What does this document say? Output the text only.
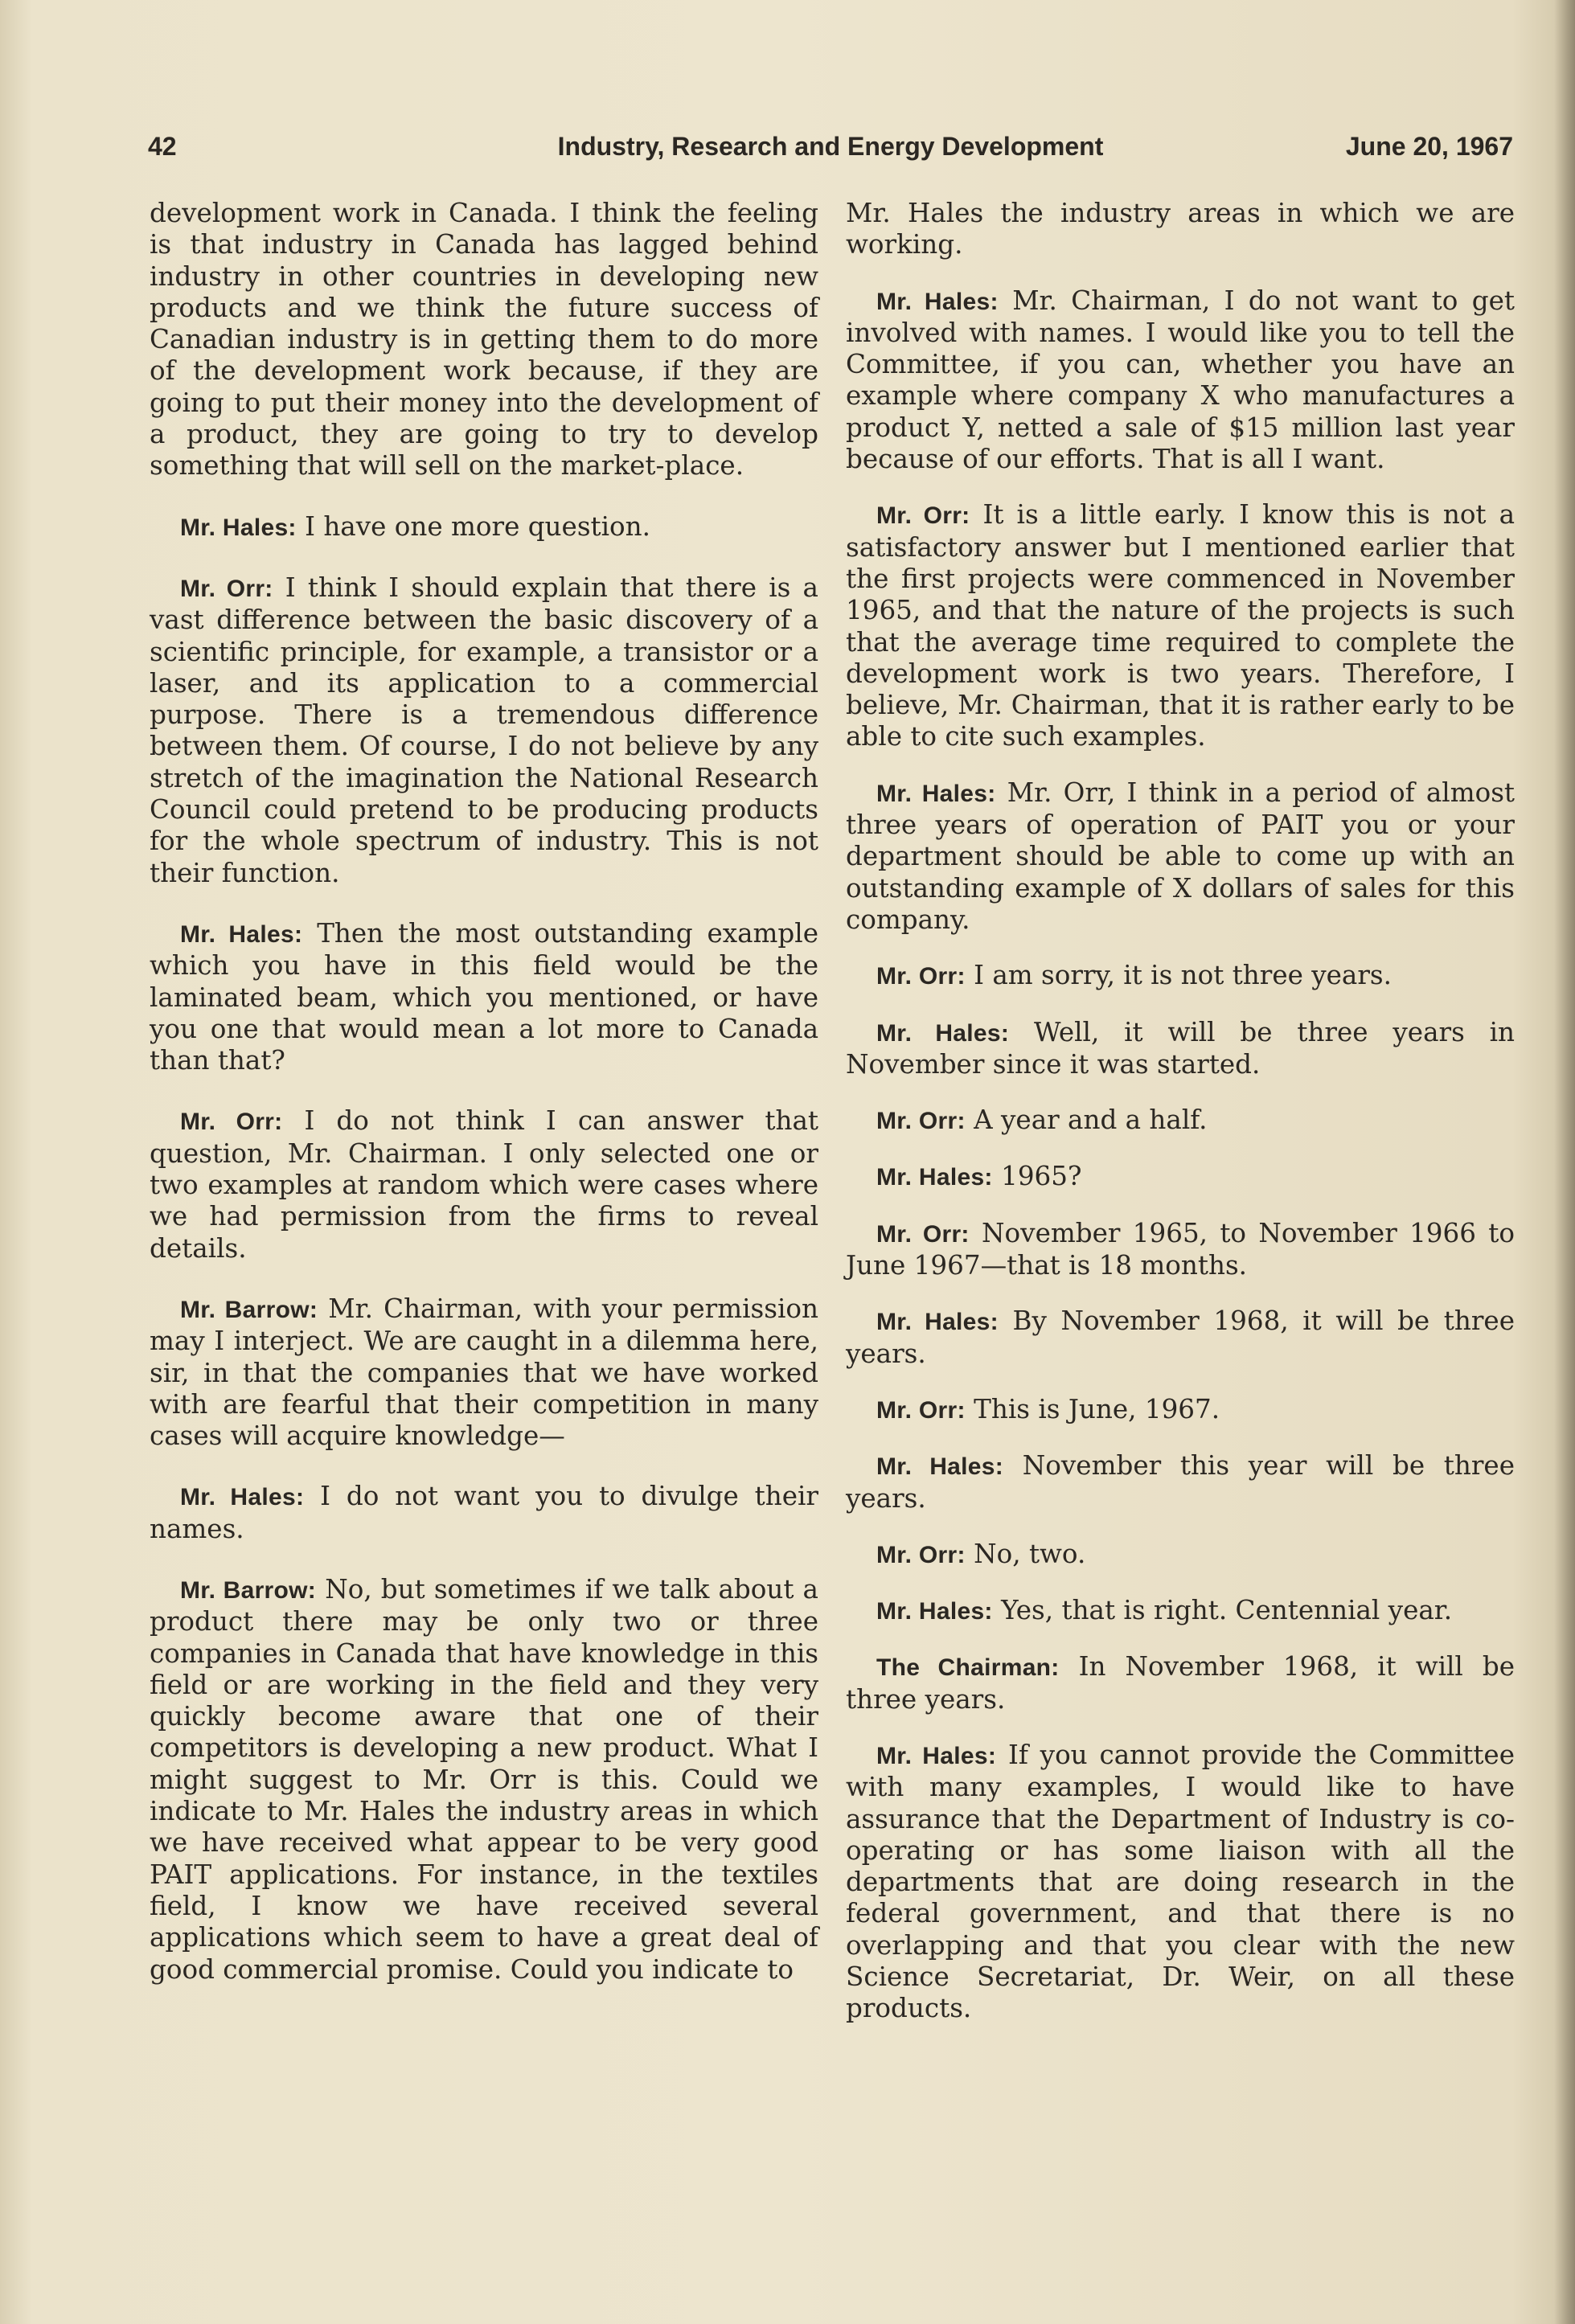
42	Industry, Research and Energy Development	June 20, 1967

development work in Canada. I think the feeling is that industry in Canada has lagged behind industry in other countries in developing new products and we think the future success of Canadian industry is in getting them to do more of the development work because, if they are going to put their money into the development of a product, they are going to try to develop something that will sell on the market-place.

Mr. Hales: I have one more question.

Mr. Orr: I think I should explain that there is a vast difference between the basic discovery of a scientific principle, for example, a transistor or a laser, and its application to a commercial purpose. There is a tremendous difference between them. Of course, I do not believe by any stretch of the imagination the National Research Council could pretend to be producing products for the whole spectrum of industry. This is not their function.

Mr. Hales: Then the most outstanding example which you have in this field would be the laminated beam, which you mentioned, or have you one that would mean a lot more to Canada than that?

Mr. Orr: I do not think I can answer that question, Mr. Chairman. I only selected one or two examples at random which were cases where we had permission from the firms to reveal details.

Mr. Barrow: Mr. Chairman, with your permission may I interject. We are caught in a dilemma here, sir, in that the companies that we have worked with are fearful that their competition in many cases will acquire knowledge—

Mr. Hales: I do not want you to divulge their names.

Mr. Barrow: No, but sometimes if we talk about a product there may be only two or three companies in Canada that have knowledge in this field or are working in the field and they very quickly become aware that one of their competitors is developing a new product. What I might suggest to Mr. Orr is this. Could we indicate to Mr. Hales the industry areas in which we have received what appear to be very good PAIT applications. For instance, in the textiles field, I know we have received several applications which seem to have a great deal of good commercial promise. Could you indicate to

Mr. Hales the industry areas in which we are working.

Mr. Hales: Mr. Chairman, I do not want to get involved with names. I would like you to tell the Committee, if you can, whether you have an example where company X who manufactures a product Y, netted a sale of $15 million last year because of our efforts. That is all I want.

Mr. Orr: It is a little early. I know this is not a satisfactory answer but I mentioned earlier that the first projects were commenced in November 1965, and that the nature of the projects is such that the average time required to complete the development work is two years. Therefore, I believe, Mr. Chairman, that it is rather early to be able to cite such examples.

Mr. Hales: Mr. Orr, I think in a period of almost three years of operation of PAIT you or your department should be able to come up with an outstanding example of X dollars of sales for this company.

Mr. Orr: I am sorry, it is not three years.

Mr. Hales: Well, it will be three years in November since it was started.

Mr. Orr: A year and a half.

Mr. Hales: 1965?

Mr. Orr: November 1965, to November 1966 to June 1967—that is 18 months.

Mr. Hales: By November 1968, it will be three years.

Mr. Orr: This is June, 1967.

Mr. Hales: November this year will be three years.

Mr. Orr: No, two.

Mr. Hales: Yes, that is right. Centennial year.

The Chairman: In November 1968, it will be three years.

Mr. Hales: If you cannot provide the Committee with many examples, I would like to have assurance that the Department of Industry is co-operating or has some liaison with all the departments that are doing research in the federal government, and that there is no overlapping and that you clear with the new Science Secretariat, Dr. Weir, on all these products.
